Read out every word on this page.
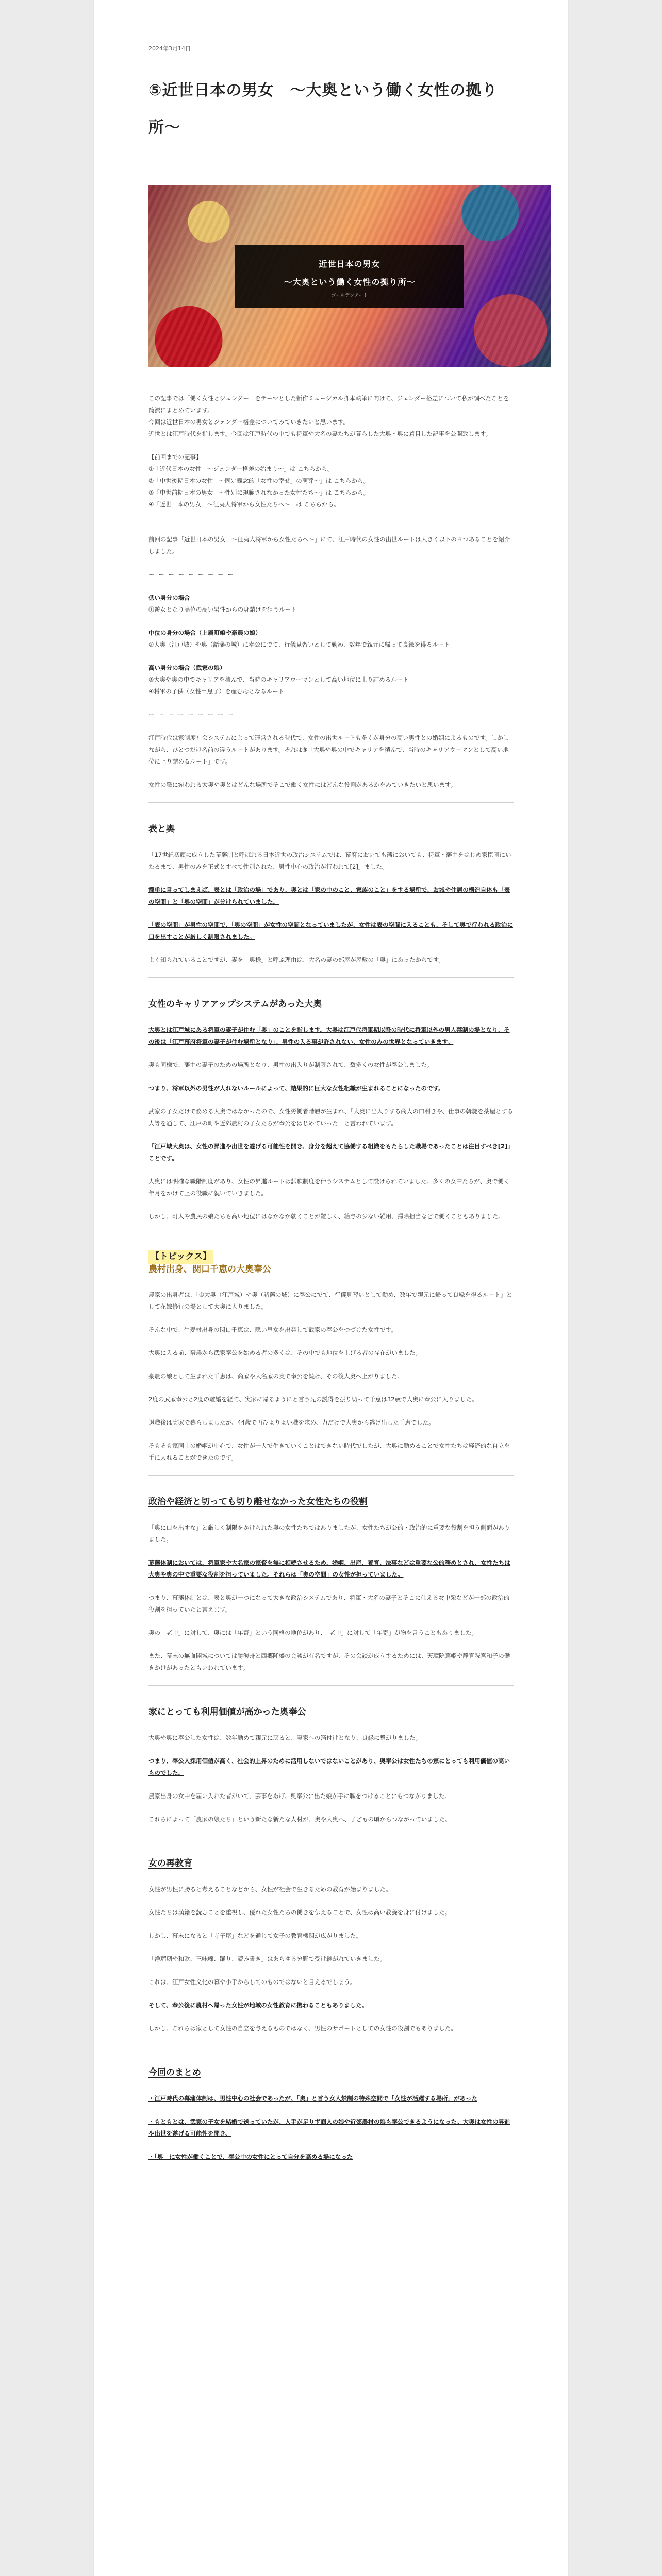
2024年3月14日
⑤近世日本の男女　～大奥という働く女性の拠り所～
近世日本の男女
〜大奥という働く女性の拠り所〜
ゴールデンアート

この記事では「働く女性とジェンダー」をテーマとした新作ミュージカル脚本執筆に向けて、ジェンダー格差について私が調べたことを簡潔にまとめています。
今回は近世日本の男女とジェンダー格差についてみていきたいと思います。
近世とは江戸時代を指します。今回は江戸時代の中でも将軍や大名の妻たちが暮らした大奥・奥に着目した記事を公開致します。

【前回までの記事】
①「近代日本の女性　～ジェンダー格差の始まり～」は こちらから。
②「中世後期日本の女性　～固定観念的「女性の幸せ」の萌芽～」は こちらから。
③「中世前期日本の男女　～性別に規範されなかった女性たち～」は こちらから。
④「近世日本の男女　～征夷大将軍から女性たちへ～」は こちらから。

前回の記事「近世日本の男女　～征夷大将軍から女性たちへ～」にて、江戸時代の女性の出世ルートは大きく以下の４つあることを紹介しました。

ー ー ー ー ー ー ー ー ー

低い身分の場合
⓵遊女となり高位の高い男性からの身請けを狙うルート

中位の身分の場合（上層町娘や豪農の娘）
②大奥（江戸城）や奥（諸藩の城）に奉公にでて、行儀見習いとして勤め、数年で親元に帰って良縁を得るルート

高い身分の場合（武家の娘）
③大奥や奥の中でキャリアを積んで、当時のキャリアウーマンとして高い地位に上り詰めるルート
④将軍の子供（女性＝息子）を産む母となるルート

ー ー ー ー ー ー ー ー ー

江戸時代は家制度社会システムによって運営される時代で、女性の出世ルートも多くが身分の高い男性との婚姻によるものです。しかしながら、ひとつだけ名前の違うルートがあります。それは③「大奥や奥の中でキャリアを積んで、当時のキャリアウーマンとして高い地位に上り詰めるルート」です。

女性の職に宛われる大奥や奥とはどんな場所でそこで働く女性にはどんな役割があるかをみていきたいと思います。

表と奥

「17世紀初頭に成立した幕藩制と呼ばれる日本近世の政治システムでは、幕府においても藩においても、将軍・藩主をはじめ家臣団にいたるまで、男性のみを正式とすべて性別された、男性中心の政治が行われて[2]」ました。

簡単に言ってしまえば、表とは「政治の場」であり、奥とは「家の中のこと、家族のこと」をする場所で、お城や住居の構造自体も「表の空間」と「奥の空間」が分けられていました。

「表の空間」が男性の空間で、「奥の空間」が女性の空間となっていましたが、女性は表の空間に入ることも、そして奥で行われる政治に口を出すことが厳しく制限されました。

よく知られていることですが、妻を「奥様」と呼ぶ理由は、大名の妻の部屋が屋敷の「奥」にあったからです。

女性のキャリアアップシステムがあった大奥

大奥とは江戸城にある将軍の妻子が住む「奥」のことを指します。大奥は江戸代将軍期以降の時代に将軍以外の男人禁制の場となり、その後は「江戸幕府将軍の妻子が住む場所となり」、男性の入る事が許されない、女性のみの世界となっていきます。

奥も同様で、藩主の妻子のための場所となり、男性の出入りが制限されて、数多くの女性が奉公しました。

つまり、将軍以外の男性が入れないルールによって、結果的に巨大な女性組織が生まれることになったのです。

武家の子女だけで務める大奥ではなかったので、女性労働者階層が生まれ、「大奥に出入りする商人の口利きや、仕事の斡旋を薬屋とする人等を通して、江戸の町や近郊農村の子女たちが奉公をはじめていった」と言われています。

「江戸城大奥は、女性の昇進や出世を遂げる可能性を開き、身分を超えて協働する組織をもたらした職場であったことは注目すべき[2]」ことです。

大奥には明確な職階制度があり、女性の昇進ルートは試験制度を伴うシステムとして設けられていました。多くの女中たちが、奥で働く年月をかけて上の役職に就いていきました。

しかし、町人や農民の娘たちも高い地位にはなかなか就くことが難しく、給与の少ない雑用、掃除担当などで働くこともありました。

【トピックス】
農村出身、関口千恵の大奥奉公

農家の出身者は、「④大奥（江戸城）や奥（諸藩の城）に奉公にでて、行儀見習いとして勤め、数年で親元に帰って良縁を得るルート」として花嫁修行の場として大奥に入りました。

そんな中で、生麦村出身の関口千恵は、隠い里女を出発して武家の奉公をつづけた女性です。

大奥に入る前、豪農から武家奉公を始める者の多くは、その中でも地位を上げる者の存在がいました。

豪農の娘として生まれた千恵は、商家や大名家の奥で奉公を続け、その後大奥へ上がりました。

2度の武家奉公と2度の離婚を経て、実家に帰るようにと言う兄の説得を振り切って千恵は32歳で大奥に奉公に入りました。

退職後は実家で暮らしましたが、44歳で再びよりよい職を求め、力だけで大奥から逃げ出した千恵でした。

そもそも家同士の婚姻が中心で、女性が一人で生きていくことはできない時代でしたが、大奥に勤めることで女性たちは経済的な自立を手に入れることができたのです。

政治や経済と切っても切り離せなかった女性たちの役割

「奥に口を出すな」と厳しく制限をかけられた奥の女性たちではありましたが、女性たちが公的・政治的に重要な役割を担う側面がありました。

幕藩体制においては、将軍家や大名家の家督を無に相続させるため、婚姻、出産、養育、法事などは重要な公的務めとされ、女性たちは大奥や奥の中で重要な役割を担っていました。それらは「奥の空間」の女性が担っていました。

つまり、幕藩体制とは、表と奥が一つになって大きな政治システムであり、将軍・大名の妻子とそこに仕える女中衆などが一部の政治的役割を担っていたと言えます。

奥の「老中」に対して、奥には「年寄」という同格の地位があり、「老中」に対して「年寄」が物を言うこともありました。

また、幕末の無血開城については勝海舟と西郷隆盛の会談が有名ですが、その会談が成立するためには、天璋院篤姫や静寛院宮和子の働きかけがあったともいわれています。

家にとっても利用価値が高かった奥奉公

大奥や奥に奉公した女性は、数年勤めて親元に戻ると、実家への箔付けとなり、良縁に繋がりました。

つまり、奉公人採用価値が高く、社会的上昇のために活用しないではないことがあり、奥奉公は女性たちの家にとっても利用価値の高いものでした。

農家出身の女中を雇い入れた者がいて、芸事をあげ、奥奉公に出た娘が手に職をつけることにもつながりました。

これらによって「農家の娘たち」という新たな新たな人材が、奥や大奥へ、子どもの頃からつながっていました。

女の再教育

女性が男性に勝ると考えることなどから、女性が社会で生きるための教育が始まりました。

女性たちは漢籍を読むことを重視し、優れた女性たちの働きを伝えることで、女性は高い教養を身に付けました。

しかし、幕末になると「寺子屋」などを通じて女子の教育機関が広がりました。

「浄瑠璃や和歌、三味線、踊り、読み書き」はあらゆる分野で受け継がれていきました。

これは、江戸女性文化の幕や小手からしてのものではないと言えるでしょう。

そして、奉公後に農村へ帰った女性が地域の女性教育に携わることもありました。

しかし、これらは家として女性の自立を与えるものではなく、男性のサポートとしての女性の役割でもありました。

今回のまとめ

・江戸時代の幕藩体制は、男性中心の社会であったが、「奥」と言う女人禁制の特殊空間で「女性が活躍する場所」があった

・もともとは、武家の子女を結婚で送っていたが、人手が足りず商人の娘や近郊農村の娘も奉公できるようになった。大奥は女性の昇進や出世を遂げる可能性を開き、

・「奥」に女性が働くことで、奉公中の女性にとって自分を高める場になった
